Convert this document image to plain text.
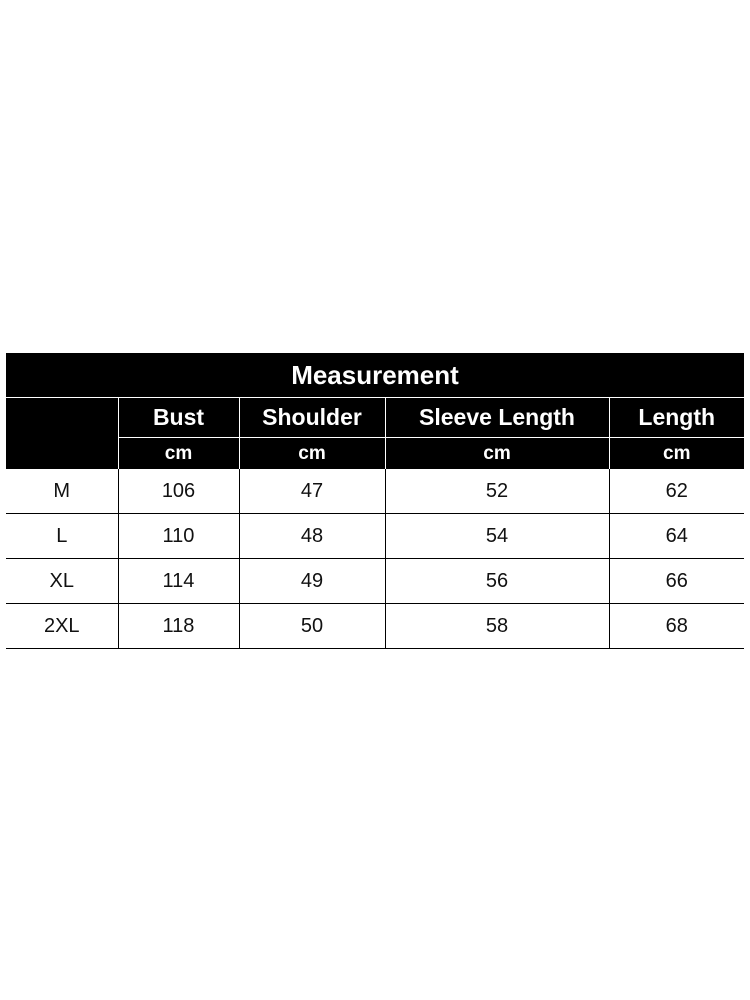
Measurement
	Bust	Shoulder	Sleeve Length	Length
	cm	cm	cm	cm
M	106	47	52	62
L	110	48	54	64
XL	114	49	56	66
2XL	118	50	58	68
